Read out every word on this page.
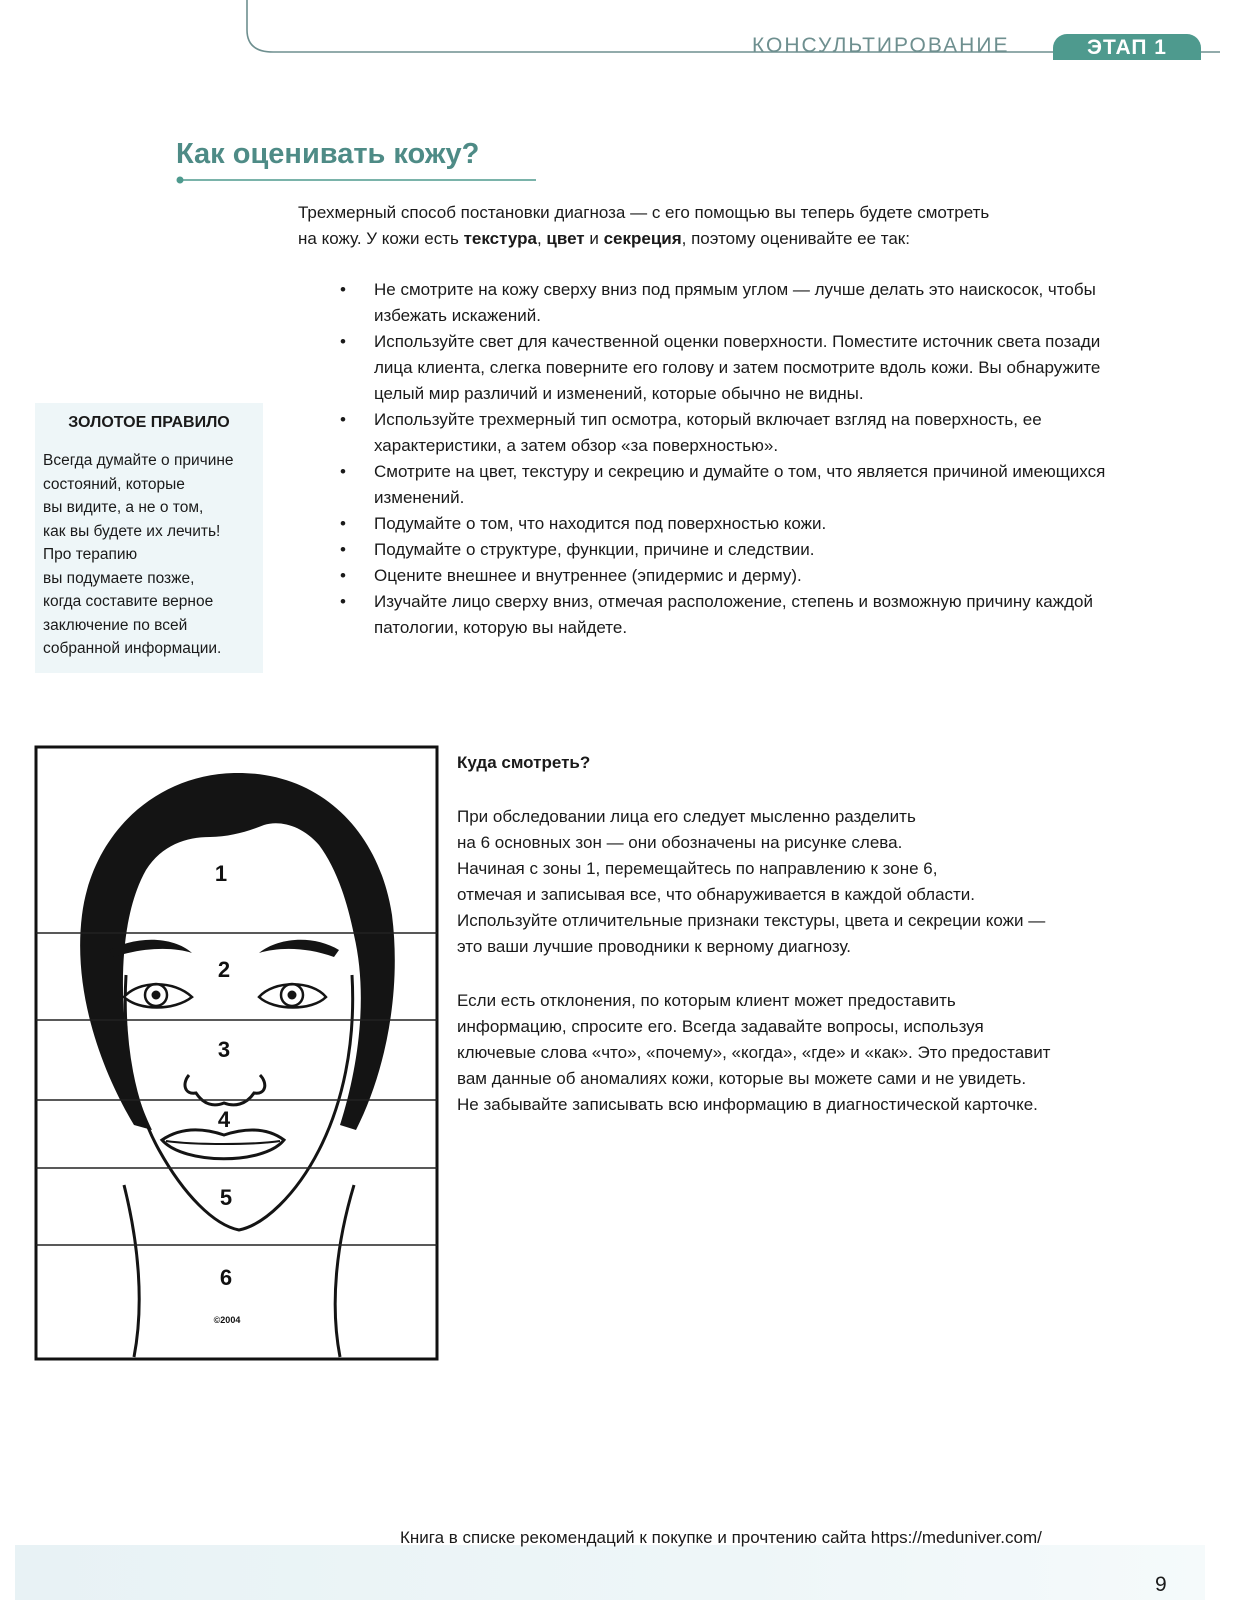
КОНСУЛЬТИРОВАНИЕ	ЭТАП 1
Как оценивать кожу?

Трехмерный способ постановки диагноза — с его помощью вы теперь будете смотреть
на кожу. У кожи есть текстура, цвет и секреция, поэтому оценивайте ее так:

• Не смотрите на кожу сверху вниз под прямым углом — лучше делать это наискосок, чтобы избежать искажений.
• Используйте свет для качественной оценки поверхности. Поместите источник света позади лица клиента, слегка поверните его голову и затем посмотрите вдоль кожи. Вы обнаружите целый мир различий и изменений, которые обычно не видны.
• Используйте трехмерный тип осмотра, который включает взгляд на поверхность, ее характеристики, а затем обзор «за поверхностью».
• Смотрите на цвет, текстуру и секрецию и думайте о том, что является причиной имеющихся изменений.
• Подумайте о том, что находится под поверхностью кожи.
• Подумайте о структуре, функции, причине и следствии.
• Оцените внешнее и внутреннее (эпидермис и дерму).
• Изучайте лицо сверху вниз, отмечая расположение, степень и возможную причину каждой патологии, которую вы найдете.
ЗОЛОТОЕ ПРАВИЛО

Всегда думайте о причине
состояний, которые
вы видите, а не о том,
как вы будете их лечить!
Про терапию
вы подумаете позже,
когда составите верное
заключение по всей
собранной информации.

1
2
3
4
5
6
©2004
Куда смотреть?

При обследовании лица его следует мысленно разделить
на 6 основных зон — они обозначены на рисунке слева.
Начиная с зоны 1, перемещайтесь по направлению к зоне 6,
отмечая и записывая все, что обнаруживается в каждой области.
Используйте отличительные признаки текстуры, цвета и секреции кожи —
это ваши лучшие проводники к верному диагнозу.

Если есть отклонения, по которым клиент может предоставить
информацию, спросите его. Всегда задавайте вопросы, используя
ключевые слова «что», «почему», «когда», «где» и «как». Это предоставит
вам данные об аномалиях кожи, которые вы можете сами и не увидеть.
Не забывайте записывать всю информацию в диагностической карточке.

Книга в списке рекомендаций к покупке и прочтению сайта https://meduniver.com/
9
